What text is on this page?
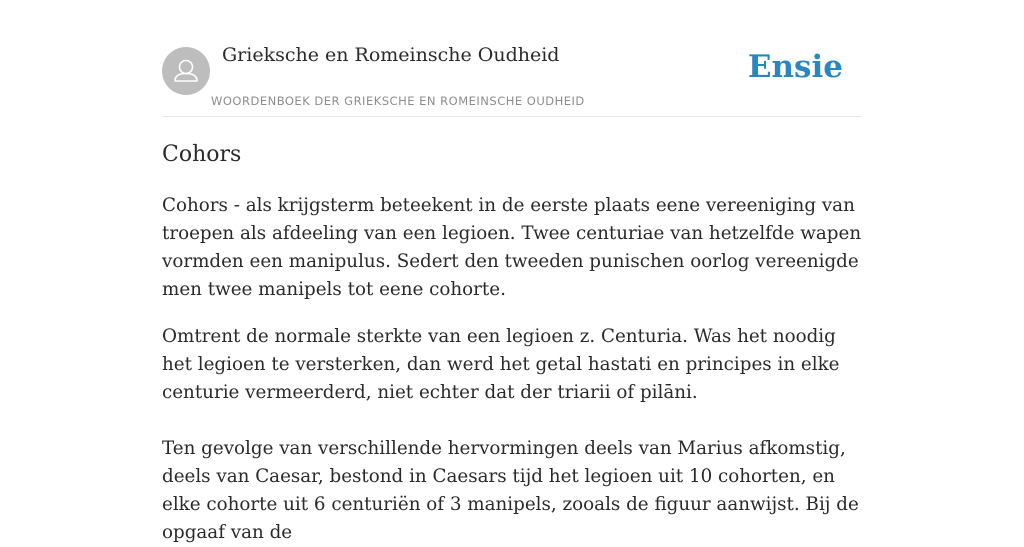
Grieksche en Romeinsche Oudheid
WOORDENBOEK DER GRIEKSCHE EN ROMEINSCHE OUDHEID
Ensie
Cohors

Cohors - als krijgsterm beteekent in de eerste plaats eene vereeniging van troepen als afdeeling van een legioen. Twee centuriae van hetzelfde wapen vormden een manipulus. Sedert den tweeden punischen oorlog vereenigde men twee manipels tot eene cohorte.

Omtrent de normale sterkte van een legioen z. Centuria. Was het noodig het legioen te versterken, dan werd het getal hastati en principes in elke centurie vermeerderd, niet echter dat der triarii of pilāni.

Ten gevolge van verschillende hervormingen deels van Marius afkomstig, deels van Caesar, bestond in Caesars tijd het legioen uit 10 cohorten, en elke cohorte uit 6 centuriën of 3 manipels, zooals de figuur aanwijst. Bij de opgaaf van de
